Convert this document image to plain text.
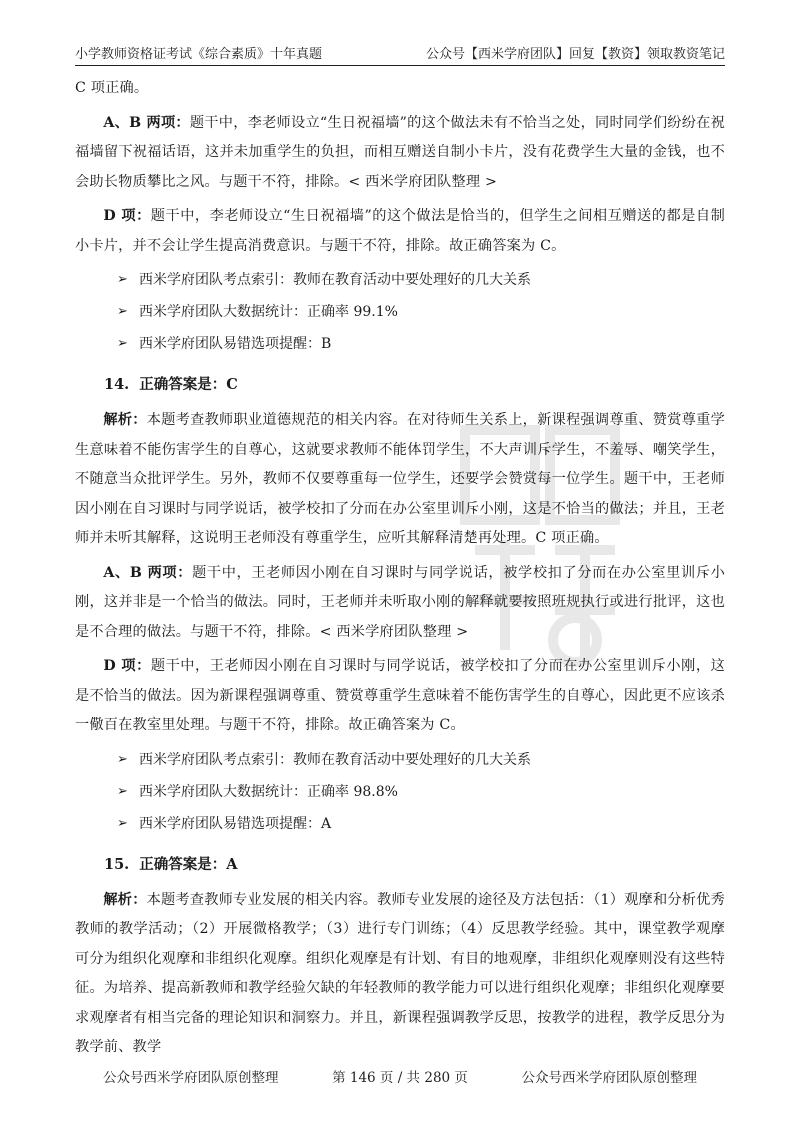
小学教师资格证考试《综合素质》十年真题	公众号【西米学府团队】回复【教资】领取教资笔记

C 项正确。

A、B 两项：题干中，李老师设立“生日祝福墙”的这个做法未有不恰当之处，同时同学们纷纷在祝福墙留下祝福话语，这并未加重学生的负担，而相互赠送自制小卡片，没有花费学生大量的金钱，也不会助长物质攀比之风。与题干不符，排除。< 西米学府团队整理 >

D 项：题干中，李老师设立“生日祝福墙”的这个做法是恰当的，但学生之间相互赠送的都是自制小卡片，并不会让学生提高消费意识。与题干不符，排除。故正确答案为 C。

➢ 西米学府团队考点索引：教师在教育活动中要处理好的几大关系
➢ 西米学府团队大数据统计：正确率 99.1%
➢ 西米学府团队易错选项提醒：B
14. 正确答案是：C

解析：本题考查教师职业道德规范的相关内容。在对待师生关系上，新课程强调尊重、赞赏尊重学生意味着不能伤害学生的自尊心，这就要求教师不能体罚学生，不大声训斥学生，不羞辱、嘲笑学生，不随意当众批评学生。另外，教师不仅要尊重每一位学生，还要学会赞赏每一位学生。题干中，王老师因小刚在自习课时与同学说话，被学校扣了分而在办公室里训斥小刚，这是不恰当的做法；并且，王老师并未听其解释，这说明王老师没有尊重学生，应听其解释清楚再处理。C 项正确。

A、B 两项：题干中，王老师因小刚在自习课时与同学说话，被学校扣了分而在办公室里训斥小刚，这并非是一个恰当的做法。同时，王老师并未听取小刚的解释就要按照班规执行或进行批评，这也是不合理的做法。与题干不符，排除。< 西米学府团队整理 >

D 项：题干中，王老师因小刚在自习课时与同学说话，被学校扣了分而在办公室里训斥小刚，这是不恰当的做法。因为新课程强调尊重、赞赏尊重学生意味着不能伤害学生的自尊心，因此更不应该杀一儆百在教室里处理。与题干不符，排除。故正确答案为 C。

➢ 西米学府团队考点索引：教师在教育活动中要处理好的几大关系
➢ 西米学府团队大数据统计：正确率 98.8%
➢ 西米学府团队易错选项提醒：A
15. 正确答案是：A

解析：本题考查教师专业发展的相关内容。教师专业发展的途径及方法包括：（1）观摩和分析优秀教师的教学活动；（2）开展微格教学；（3）进行专门训练；（4）反思教学经验。其中，课堂教学观摩可分为组织化观摩和非组织化观摩。组织化观摩是有计划、有目的地观摩，非组织化观摩则没有这些特征。为培养、提高新教师和教学经验欠缺的年轻教师的教学能力可以进行组织化观摩；非组织化观摩要求观摩者有相当完备的理论知识和洞察力。并且，新课程强调教学反思，按教学的进程，教学反思分为教学前、教学

公众号西米学府团队原创整理	第 146 页 / 共 280 页	公众号西米学府团队原创整理
